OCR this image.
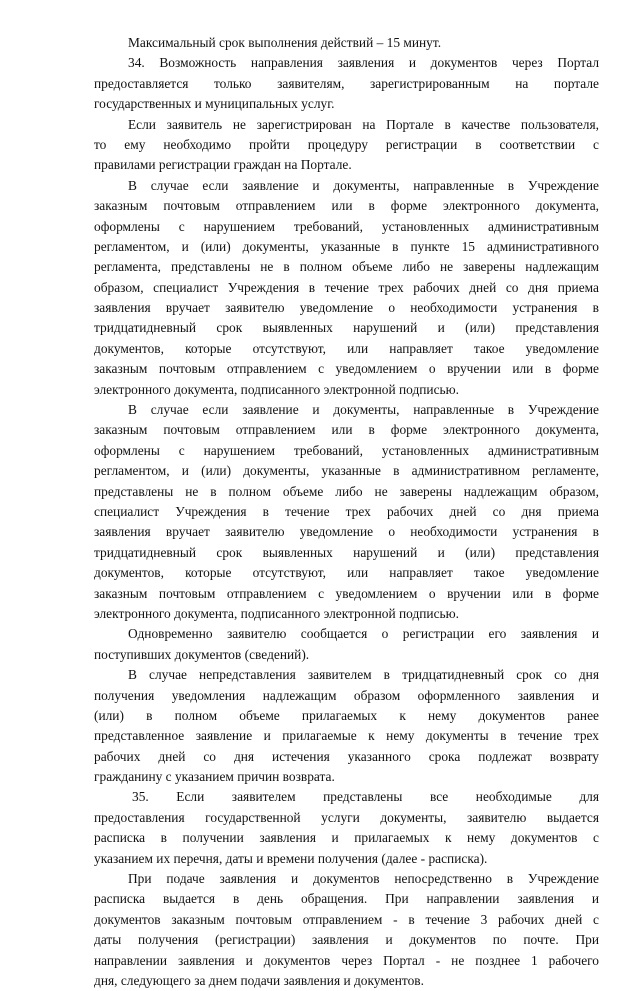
Максимальный срок выполнения действий – 15 минут.
34. Возможность направления заявления и документов через Портал
предоставляется только заявителям, зарегистрированным на портале
государственных и муниципальных услуг.
Если заявитель не зарегистрирован на Портале в качестве пользователя,
то ему необходимо пройти процедуру регистрации в соответствии с
правилами регистрации граждан на Портале.
В случае если заявление и документы, направленные в Учреждение
заказным почтовым отправлением или в форме электронного документа,
оформлены с нарушением требований, установленных административным
регламентом, и (или) документы, указанные в пункте 15 административного
регламента, представлены не в полном объеме либо не заверены надлежащим
образом, специалист Учреждения в течение трех рабочих дней со дня приема
заявления вручает заявителю уведомление о необходимости устранения в
тридцатидневный срок выявленных нарушений и (или) представления
документов, которые отсутствуют, или направляет такое уведомление
заказным почтовым отправлением с уведомлением о вручении или в форме
электронного документа, подписанного электронной подписью.
В случае если заявление и документы, направленные в Учреждение
заказным почтовым отправлением или в форме электронного документа,
оформлены с нарушением требований, установленных административным
регламентом, и (или) документы, указанные в административном регламенте,
представлены не в полном объеме либо не заверены надлежащим образом,
специалист Учреждения в течение трех рабочих дней со дня приема
заявления вручает заявителю уведомление о необходимости устранения в
тридцатидневный срок выявленных нарушений и (или) представления
документов, которые отсутствуют, или направляет такое уведомление
заказным почтовым отправлением с уведомлением о вручении или в форме
электронного документа, подписанного электронной подписью.
Одновременно заявителю сообщается о регистрации его заявления и
поступивших документов (сведений).
В случае непредставления заявителем в тридцатидневный срок со дня
получения уведомления надлежащим образом оформленного заявления и
(или) в полном объеме прилагаемых к нему документов ранее
представленное заявление и прилагаемые к нему документы в течение трех
рабочих дней со дня истечения указанного срока подлежат возврату
гражданину с указанием причин возврата.
35. Если заявителем представлены все необходимые для
предоставления государственной услуги документы, заявителю выдается
расписка в получении заявления и прилагаемых к нему документов с
указанием их перечня, даты и времени получения (далее - расписка).
При подаче заявления и документов непосредственно в Учреждение
расписка выдается в день обращения. При направлении заявления и
документов заказным почтовым отправлением - в течение 3 рабочих дней с
даты получения (регистрации) заявления и документов по почте. При
направлении заявления и документов через Портал - не позднее 1 рабочего
дня, следующего за днем подачи заявления и документов.
